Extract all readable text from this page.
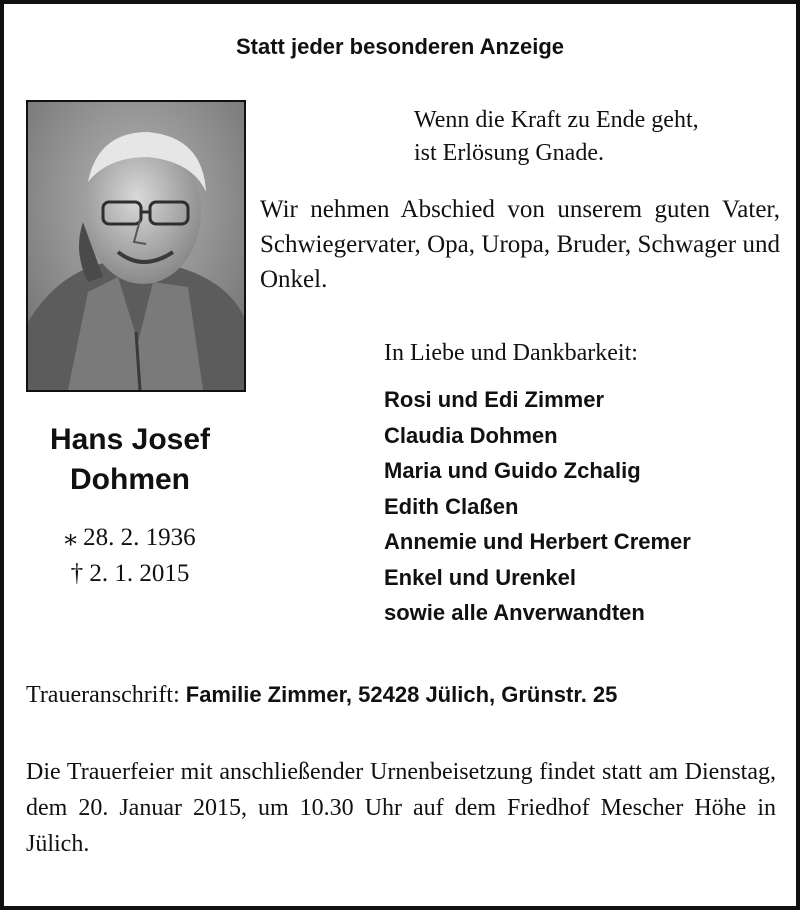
Statt jeder besonderen Anzeige
Wenn die Kraft zu Ende geht,
ist Erlösung Gnade.

Wir nehmen Abschied von unserem guten Vater, Schwiegervater, Opa, Uropa, Bruder, Schwager und Onkel.

Hans Josef
Dohmen
⁎ 28. 2. 1936
† 2. 1. 2015
In Liebe und Dankbarkeit:
Rosi und Edi Zimmer
Claudia Dohmen
Maria und Guido Zchalig
Edith Claßen
Annemie und Herbert Cremer
Enkel und Urenkel
sowie alle Anverwandten
Traueranschrift: Familie Zimmer, 52428 Jülich, Grünstr. 25
Die Trauerfeier mit anschließender Urnenbeisetzung findet statt am Dienstag, dem 20. Januar 2015, um 10.30 Uhr auf dem Friedhof Mescher Höhe in Jülich.
